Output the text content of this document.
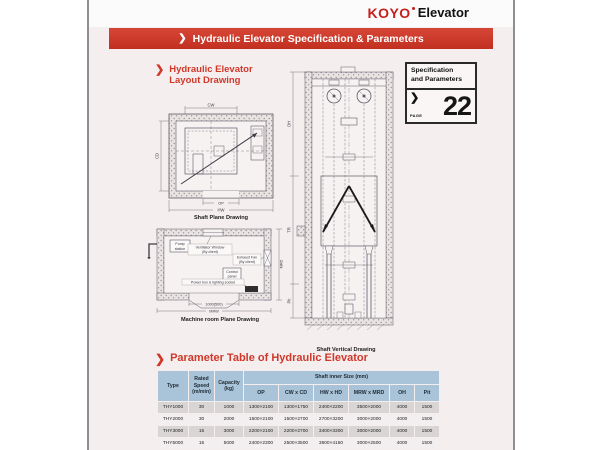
KOYO Elevator
❯ Hydraulic Elevator Specification & Parameters
❯ Hydraulic Elevator
Layout Drawing
Specification
and Parameters
❯
PAGE 22
CW
CD
OP
HW
Shaft Plane Drawing
Pump
station	Ventilator Window
(By client)
Exhaust Fan
(By client)
Control
panel
Power box & lighting socket
1000(500)
MRW
MRD
Machine room Plane Drawing
OH
TR
Pit
Shaft Vertical Drawing
❯ Parameter Table of Hydraulic Elevator
Type	Rated Speed (m/min)	Capacity (kg)	Shaft inner Size (mm)					
			OP	CW x CD	HW x HD	MRW x MRD	OH	Pit
THY1000	30	1000	1300×2100	1300×1750	2400×2200	3500×2000	4000	1500
THY2000	30	2000	1500×2100	1500×2700	2700×3200	3000×2000	4000	1500
THY3000	15	3000	2200×2100	2200×2700	3400×3300	3000×2000	4000	1500
THY5000	15	5000	2400×2300	2500×3500	3600×4150	3000×2500	4000	1500
